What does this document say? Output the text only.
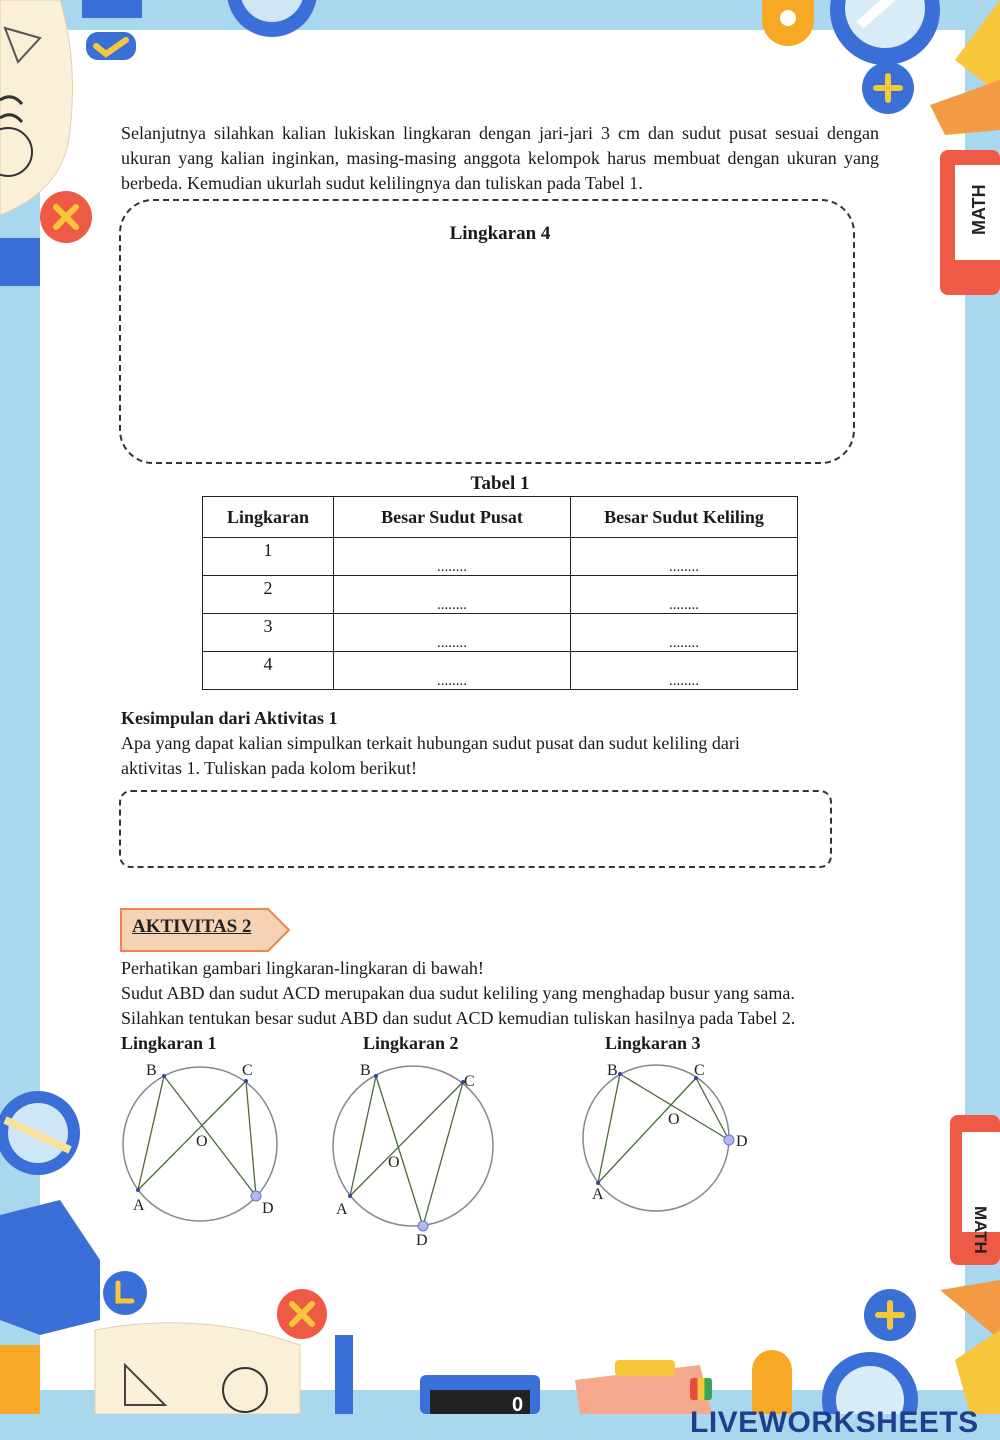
MATH
0
MATH
Selanjutnya silahkan kalian lukiskan lingkaran dengan jari-jari 3 cm dan sudut pusat sesuai dengan ukuran yang kalian inginkan, masing-masing anggota kelompok harus membuat dengan ukuran yang berbeda. Kemudian ukurlah sudut kelilingnya dan tuliskan pada Tabel 1.
Lingkaran 4
Tabel 1
Lingkaran	Besar Sudut Pusat	Besar Sudut Keliling
1	........	........
2	........	........
3	........	........
4	........	........
Kesimpulan dari Aktivitas 1
Apa yang dapat kalian simpulkan terkait hubungan sudut pusat dan sudut keliling dari
aktivitas 1. Tuliskan pada kolom berikut!
AKTIVITAS 2
Perhatikan gambari lingkaran-lingkaran di bawah!
Sudut ABD dan sudut ACD merupakan dua sudut keliling yang menghadap busur yang sama.
Silahkan tentukan besar sudut ABD dan sudut ACD kemudian tuliskan hasilnya pada Tabel 2.
Lingkaran 1	Lingkaran 2	Lingkaran 3
B	C
O
A	D
B
C
O
A
D
B	C
O
A
D
LIVEWORKSHEETS
